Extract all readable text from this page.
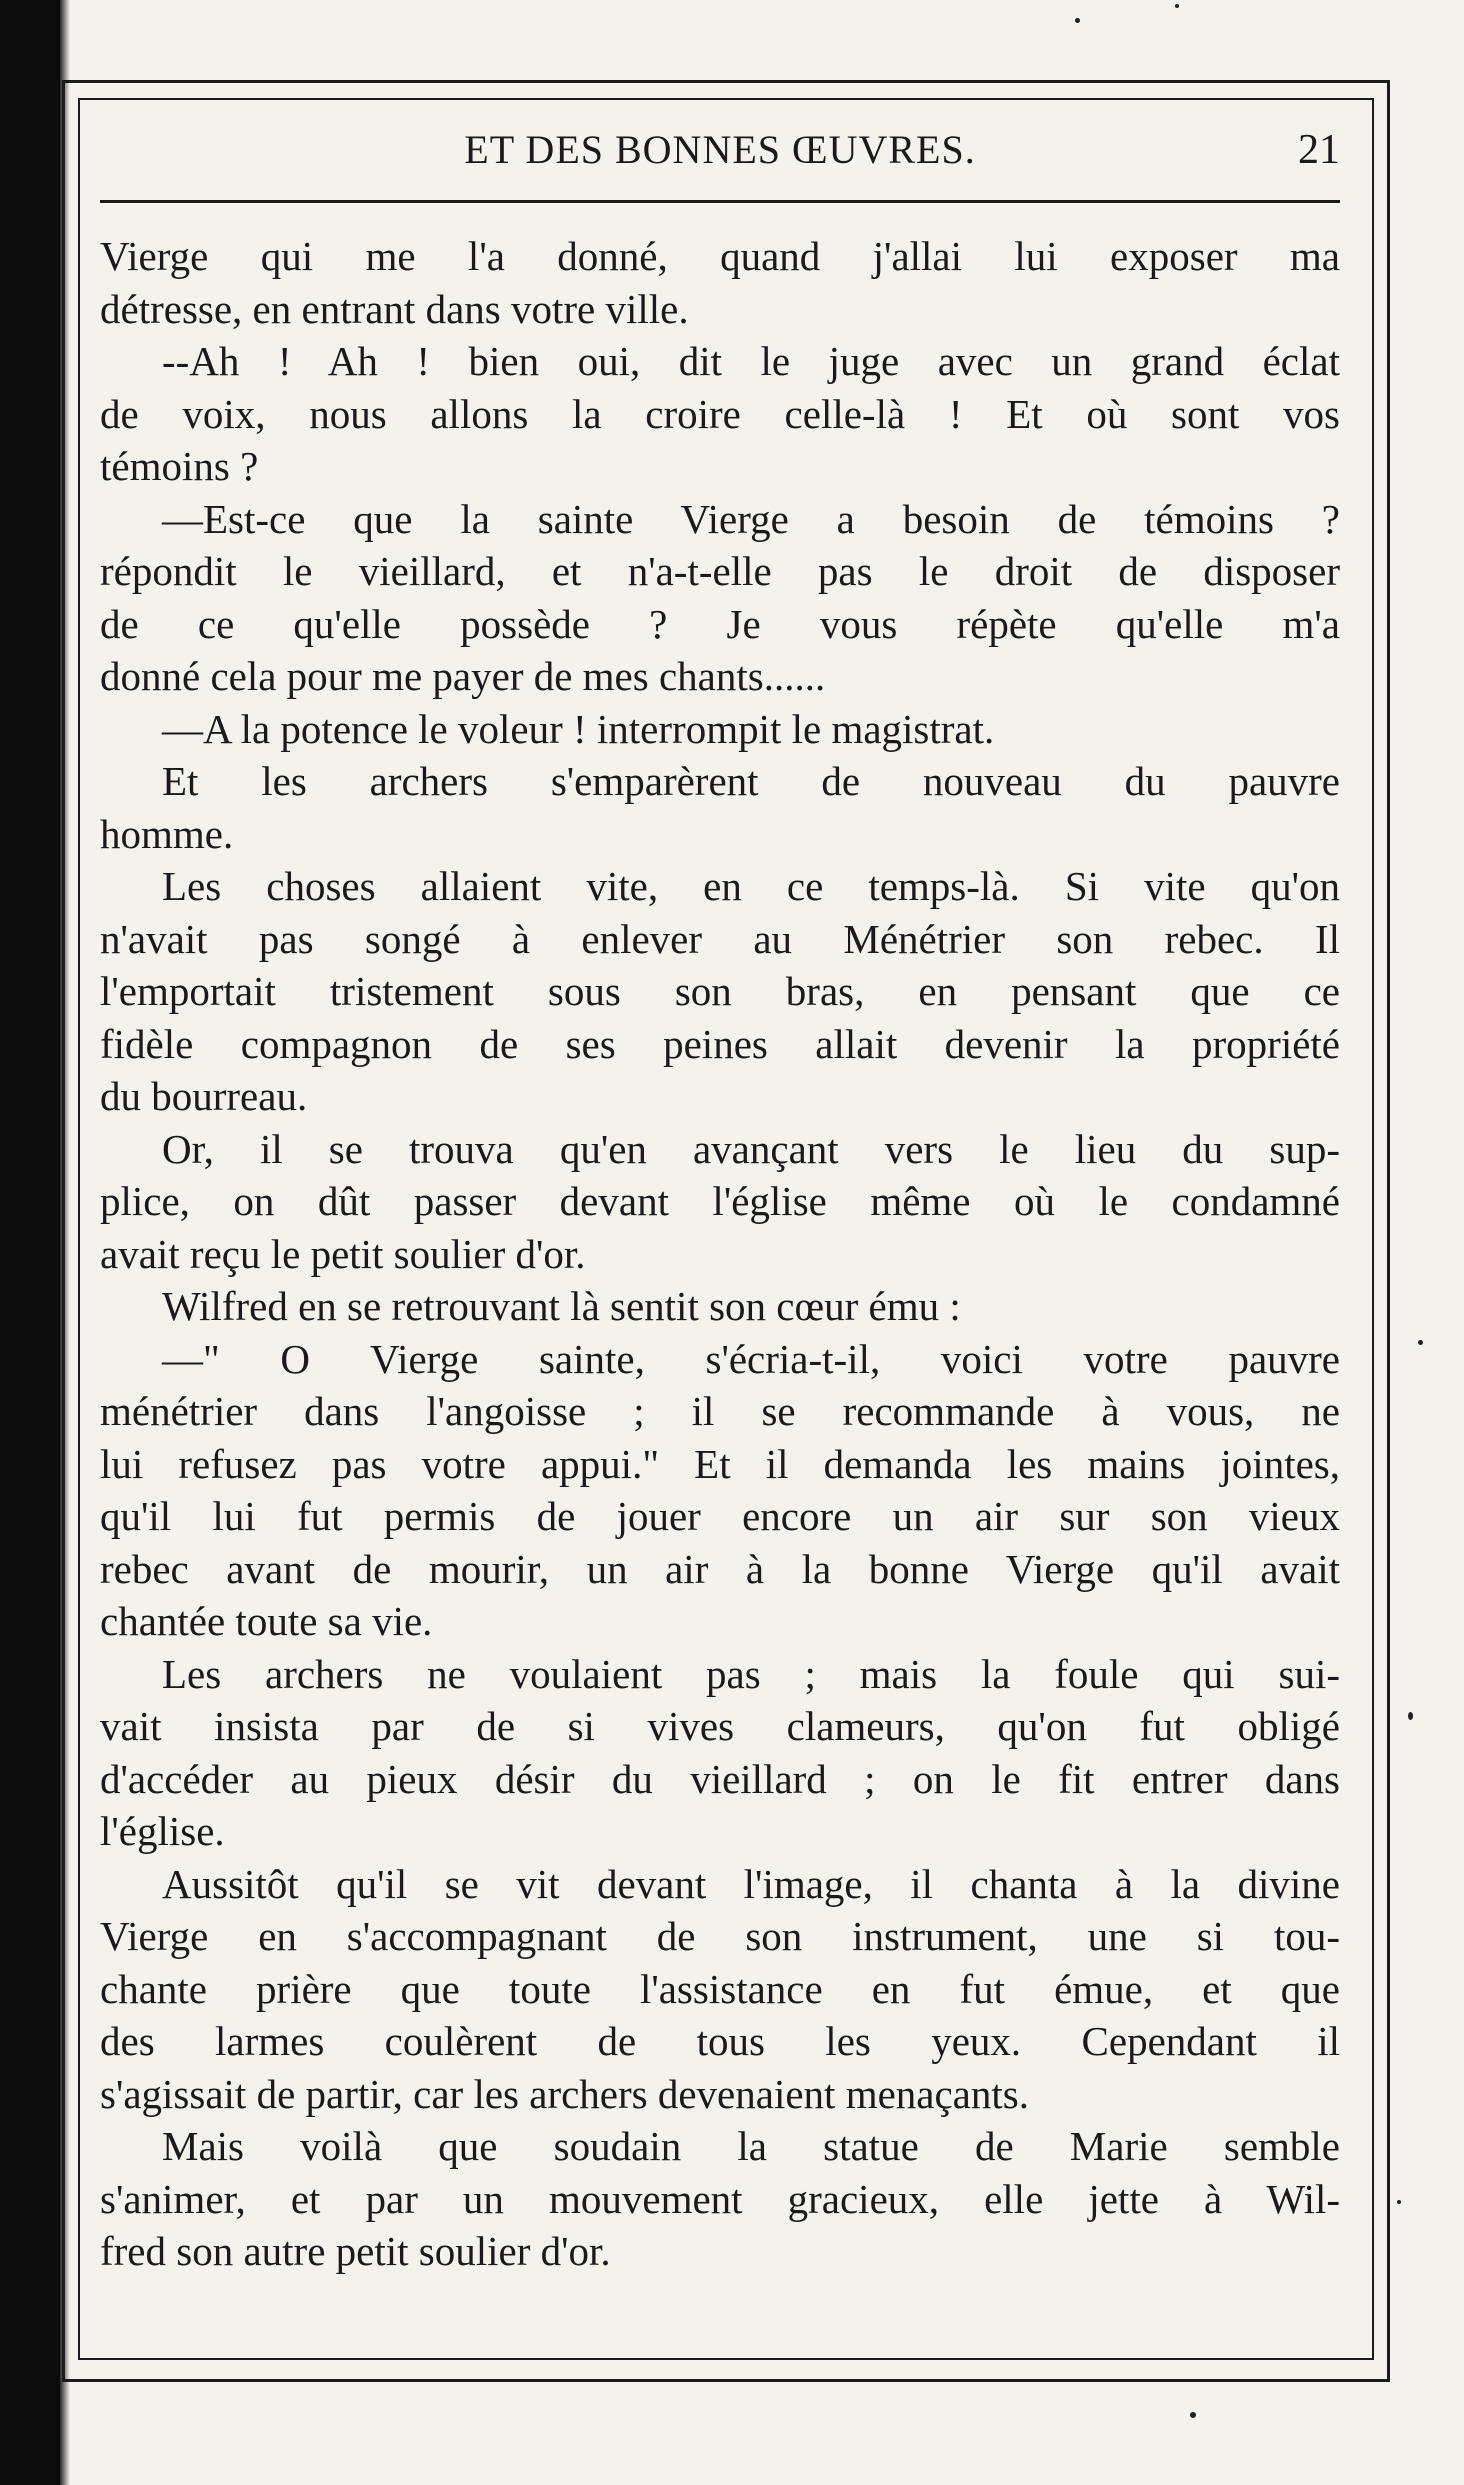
ET DES BONNES ŒUVRES.	21
Vierge qui me l'a donné, quand j'allai lui exposer ma
détresse, en entrant dans votre ville.
--Ah ! Ah ! bien oui, dit le juge avec un grand éclat
de voix, nous allons la croire celle-là ! Et où sont vos
témoins ?
—Est-ce que la sainte Vierge a besoin de témoins ?
répondit le vieillard, et n'a-t-elle pas le droit de disposer
de ce qu'elle possède ? Je vous répète qu'elle m'a
donné cela pour me payer de mes chants......
—A la potence le voleur ! interrompit le magistrat.
Et les archers s'emparèrent de nouveau du pauvre
homme.
Les choses allaient vite, en ce temps-là. Si vite qu'on
n'avait pas songé à enlever au Ménétrier son rebec. Il
l'emportait tristement sous son bras, en pensant que ce
fidèle compagnon de ses peines allait devenir la propriété
du bourreau.
Or, il se trouva qu'en avançant vers le lieu du sup-
plice, on dût passer devant l'église même où le condamné
avait reçu le petit soulier d'or.
Wilfred en se retrouvant là sentit son cœur ému :
—" O Vierge sainte, s'écria-t-il, voici votre pauvre
ménétrier dans l'angoisse ; il se recommande à vous, ne
lui refusez pas votre appui." Et il demanda les mains jointes,
qu'il lui fut permis de jouer encore un air sur son vieux
rebec avant de mourir, un air à la bonne Vierge qu'il avait
chantée toute sa vie.
Les archers ne voulaient pas ; mais la foule qui sui-
vait insista par de si vives clameurs, qu'on fut obligé
d'accéder au pieux désir du vieillard ; on le fit entrer dans
l'église.
Aussitôt qu'il se vit devant l'image, il chanta à la divine
Vierge en s'accompagnant de son instrument, une si tou-
chante prière que toute l'assistance en fut émue, et que
des larmes coulèrent de tous les yeux. Cependant il
s'agissait de partir, car les archers devenaient menaçants.
Mais voilà que soudain la statue de Marie semble
s'animer, et par un mouvement gracieux, elle jette à Wil-
fred son autre petit soulier d'or.
